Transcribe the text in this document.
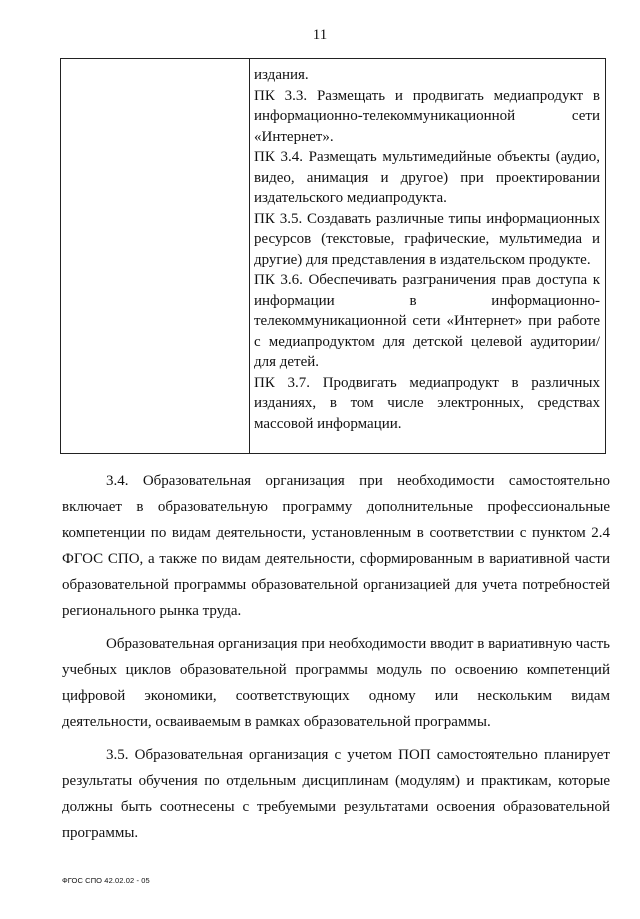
11

издания.

ПК 3.3. Размещать и продвигать медиапродукт в информационно-телекоммуникационной сети «Интернет».

ПК 3.4. Размещать мультимедийные объекты (аудио, видео, анимация и другое) при проектировании издательского медиапродукта.

ПК 3.5. Создавать различные типы информационных ресурсов (текстовые, графические, мультимедиа и другие) для представления в издательском продукте.

ПК 3.6. Обеспечивать разграничения прав доступа к информации в информационно-телекоммуникационной сети «Интернет» при работе с медиапродуктом для детской целевой аудитории/для детей.

ПК 3.7. Продвигать медиапродукт в различных изданиях, в том числе электронных, средствах массовой информации.

3.4. Образовательная организация при необходимости самостоятельно включает в образовательную программу дополнительные профессиональные компетенции по видам деятельности, установленным в соответствии с пунктом 2.4 ФГОС СПО, а также по видам деятельности, сформированным в вариативной части образовательной программы образовательной организацией для учета потребностей регионального рынка труда.

Образовательная организация при необходимости вводит в вариативную часть учебных циклов образовательной программы модуль по освоению компетенций цифровой экономики, соответствующих одному или нескольким видам деятельности, осваиваемым в рамках образовательной программы.

3.5. Образовательная организация с учетом ПОП самостоятельно планирует результаты обучения по отдельным дисциплинам (модулям) и практикам, которые должны быть соотнесены с требуемыми результатами освоения образовательной программы.

ФГОС СПО 42.02.02 - 05
